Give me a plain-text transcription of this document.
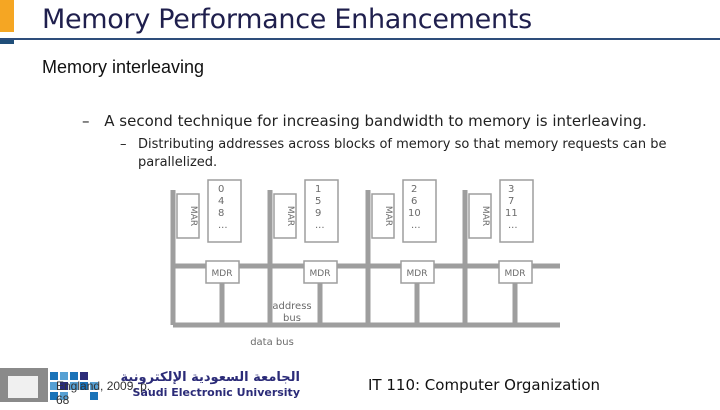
Memory Performance Enhancements
Memory interleaving
– A second technique for increasing bandwidth to memory is interleaving.
– Distributing addresses across blocks of memory so that memory requests can be parallelized.
MAR
0
4
8
...
MDR
MAR
1
5
9
...
MDR
MAR
2
6
10
...
MDR
MAR
3
7
11
...
MDR
address
bus
data bus
الجامعة السعودية الإلكترونية
Saudi Electronic University
England, 2009, p.
68
IT 110: Computer Organization
